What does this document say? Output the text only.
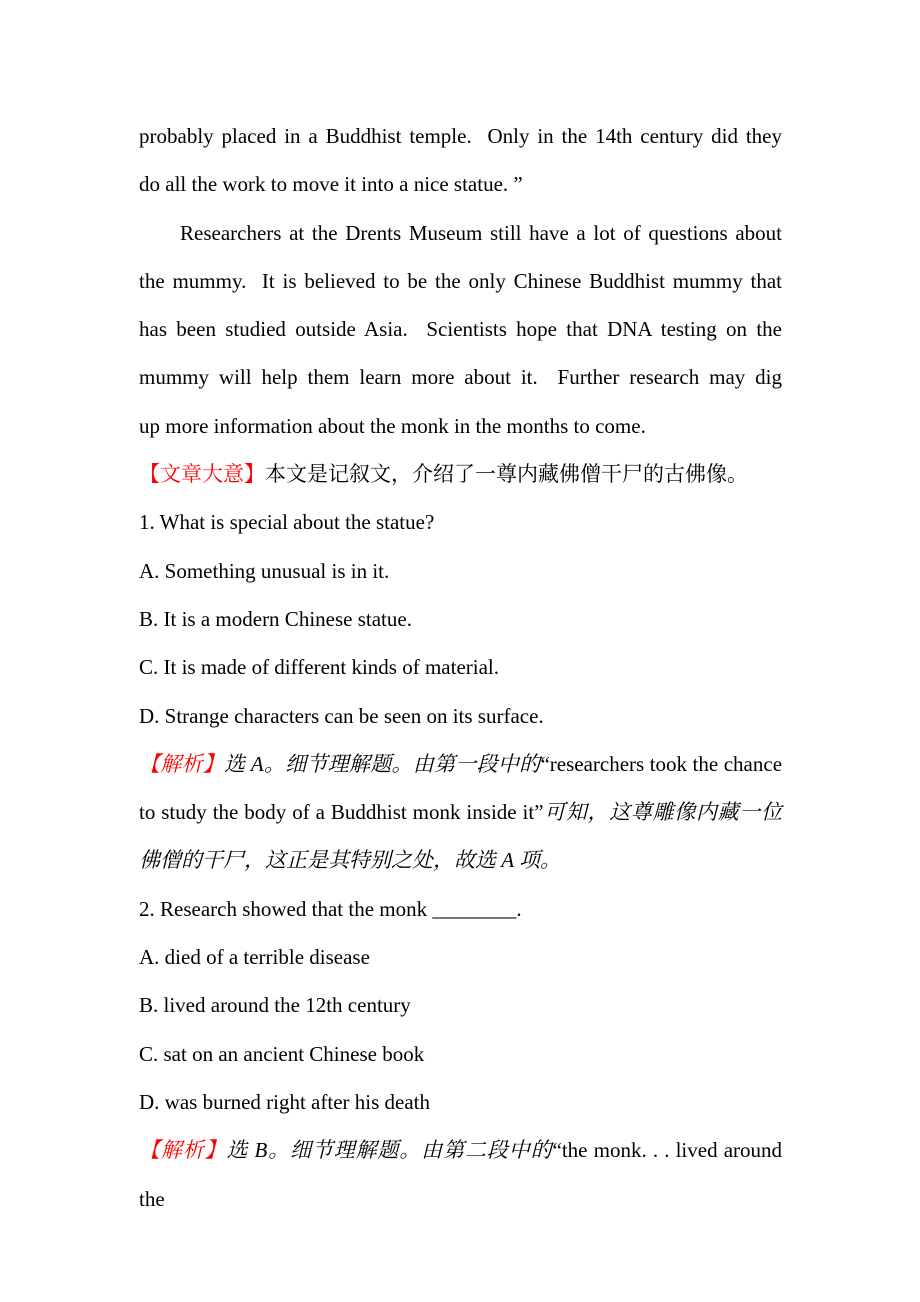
probably placed in a Buddhist temple.  Only in the 14th century did they
do all the work to move it into a nice statue. ”
Researchers at the Drents Museum still have a lot of questions about
the mummy.  It is believed to be the only Chinese Buddhist mummy that
has been studied outside Asia.  Scientists hope that DNA testing on the
mummy will help them learn more about it.  Further research may dig
up more information about the monk in the months to come.
【文章大意】本文是记叙文，介绍了一尊内藏佛僧干尸的古佛像。
1. What is special about the statue?
A. Something unusual is in it.
B. It is a modern Chinese statue.
C. It is made of different kinds of material.
D. Strange characters can be seen on its surface.
【解析】选 A。细节理解题。由第一段中的“researchers took the chance
to study the body of a Buddhist monk inside it”可知，这尊雕像内藏一位
佛僧的干尸，这正是其特别之处，故选 A 项。
2. Research showed that the monk ________.
A. died of a terrible disease
B. lived around the 12th century
C. sat on an ancient Chinese book
D. was burned right after his death
【解析】选 B。细节理解题。由第二段中的“the monk. . . lived around the
